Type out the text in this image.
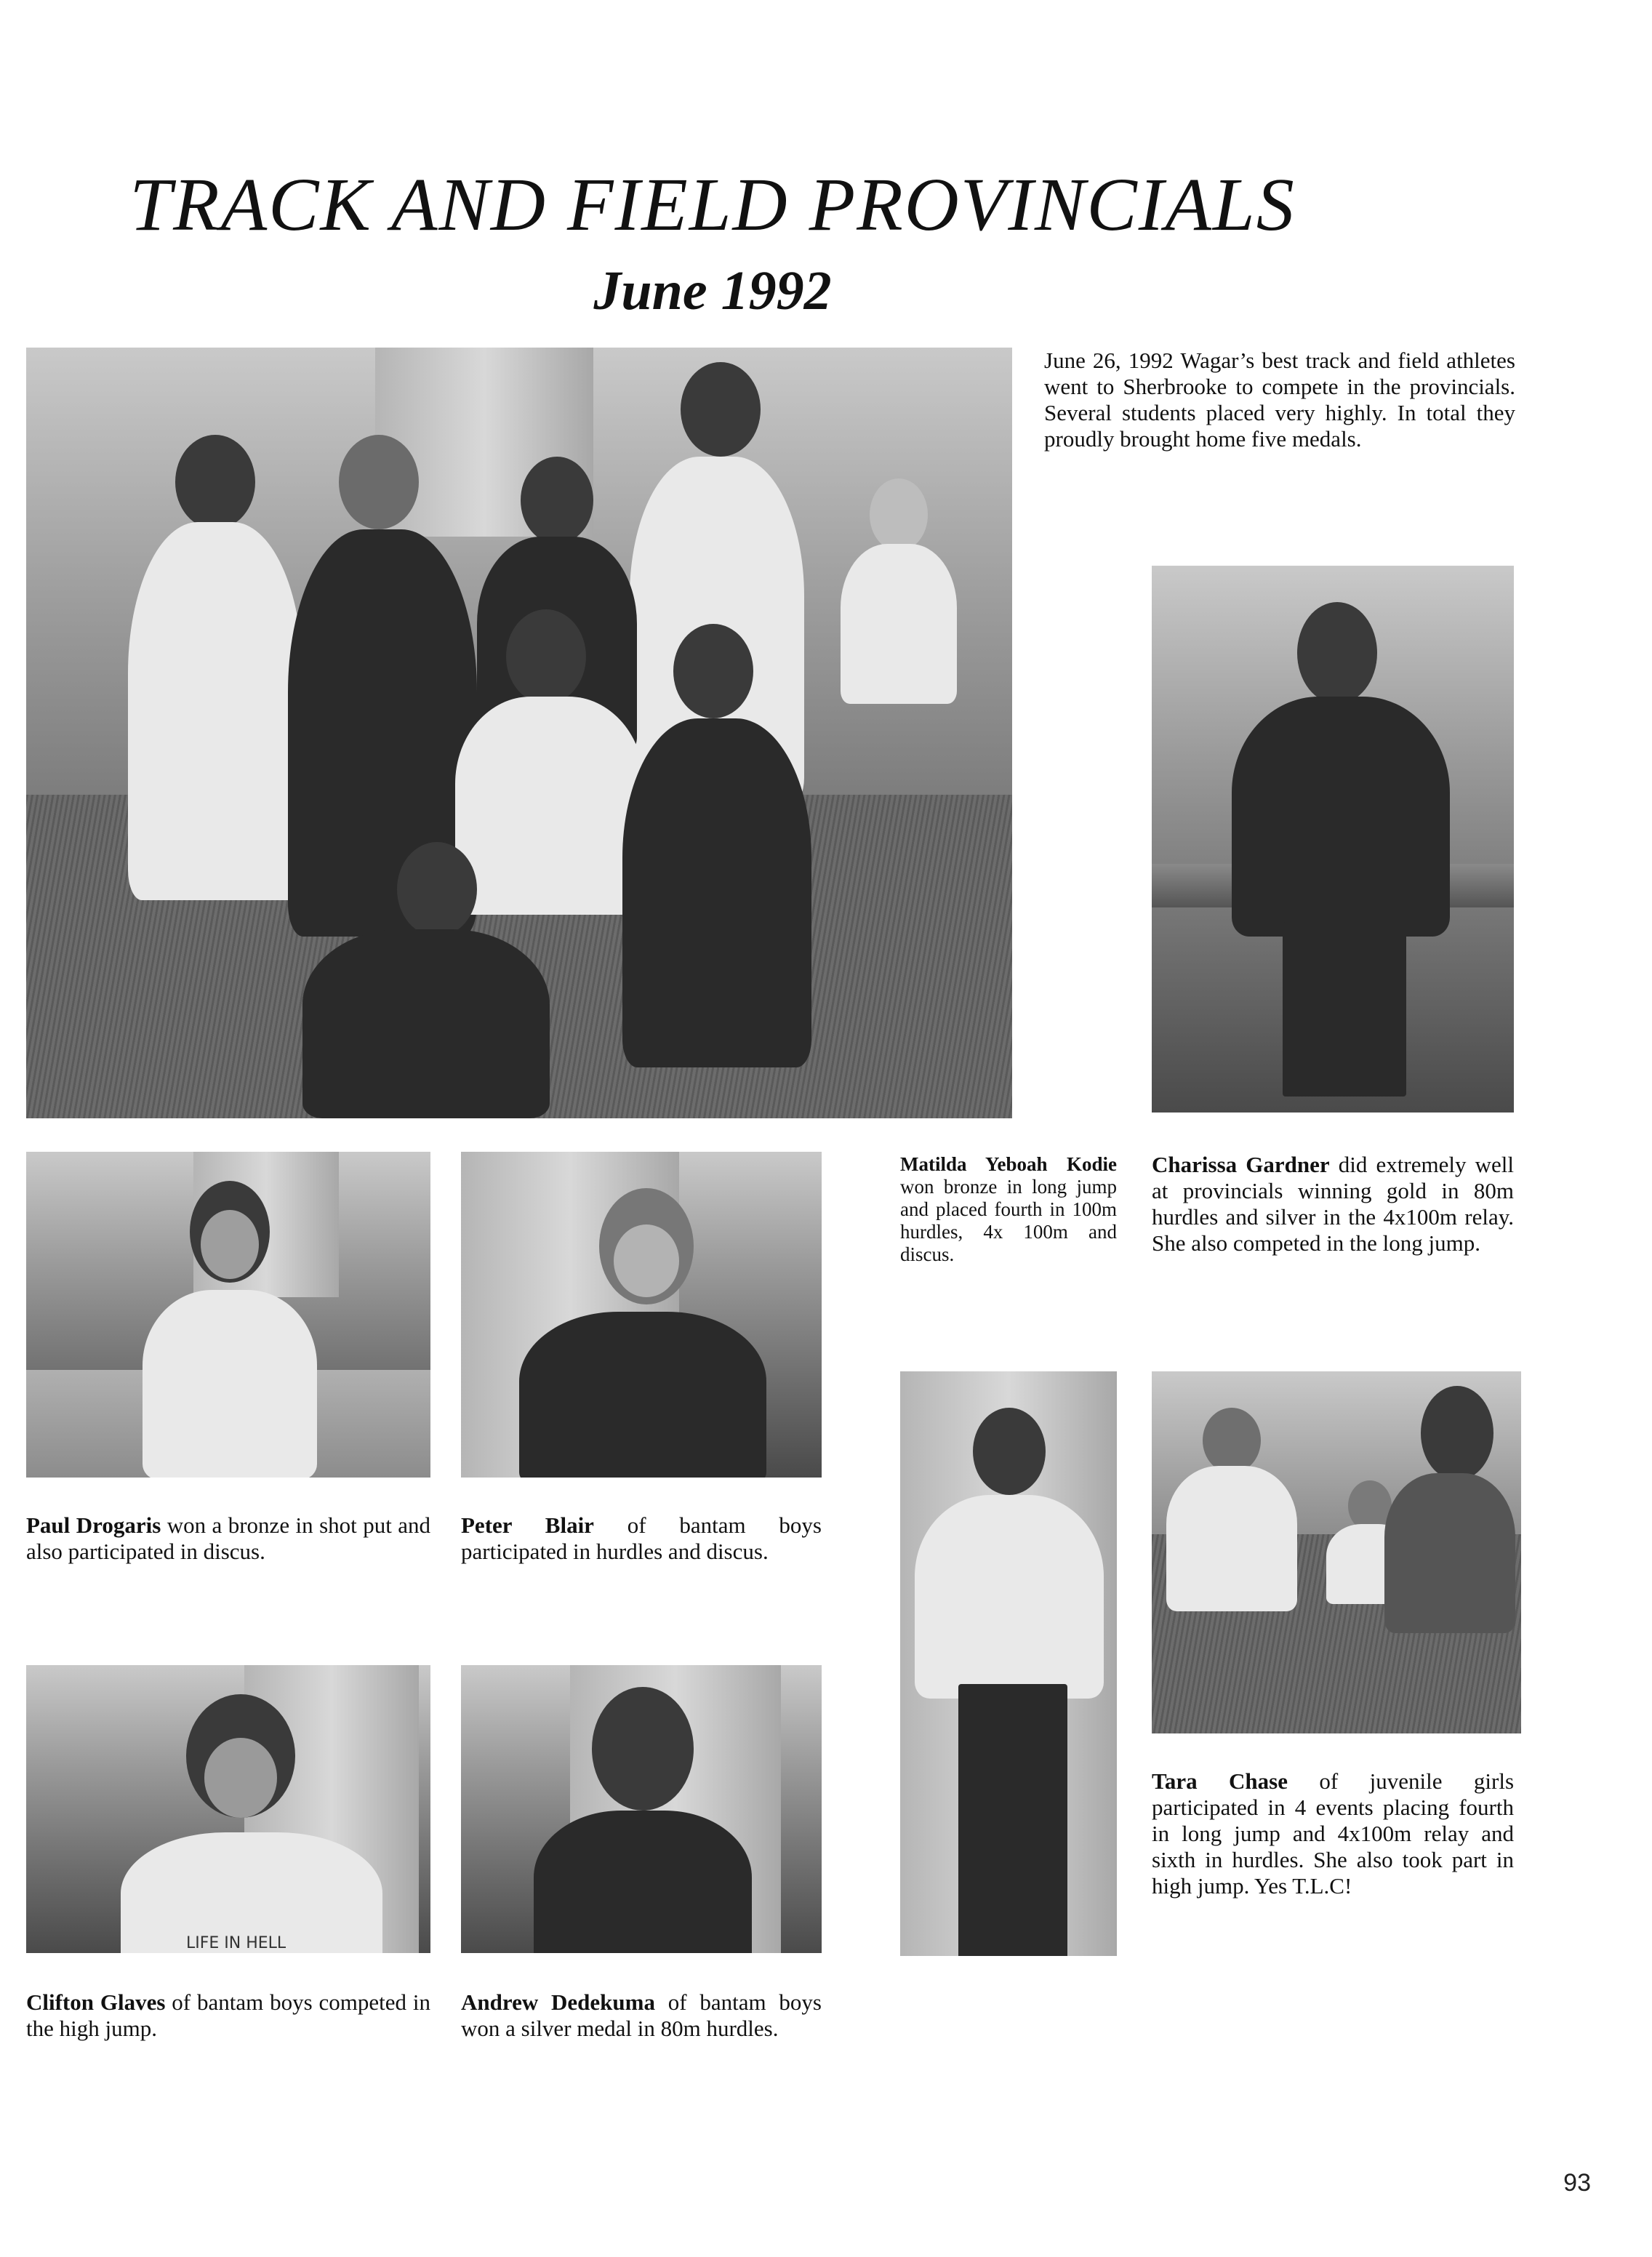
TRACK AND FIELD PROVINCIALS
June 1992
June 26, 1992 Wagar’s best track and field athletes went to Sherbrooke to compete in the provincials. Several students placed very highly. In total they proudly brought home five medals.
Matilda Yeboah Kodie won bronze in long jump and placed fourth in 100m hurdles, 4x 100m and discus.
Charissa Gardner did extremely well at provincials winning gold in 80m hurdles and silver in the 4x100m relay. She also competed in the long jump.
Paul Drogaris won a bronze in shot put and also participated in discus.
Peter Blair of bantam boys participated in hurdles and discus.
LIFE IN HELL
Tara Chase of juvenile girls participated in 4 events placing fourth in long jump and 4x100m relay and sixth in hurdles. She also took part in high jump. Yes T.L.C!
Clifton Glaves of bantam boys competed in the high jump.
Andrew Dedekuma of bantam boys won a silver medal in 80m hurdles.
93
